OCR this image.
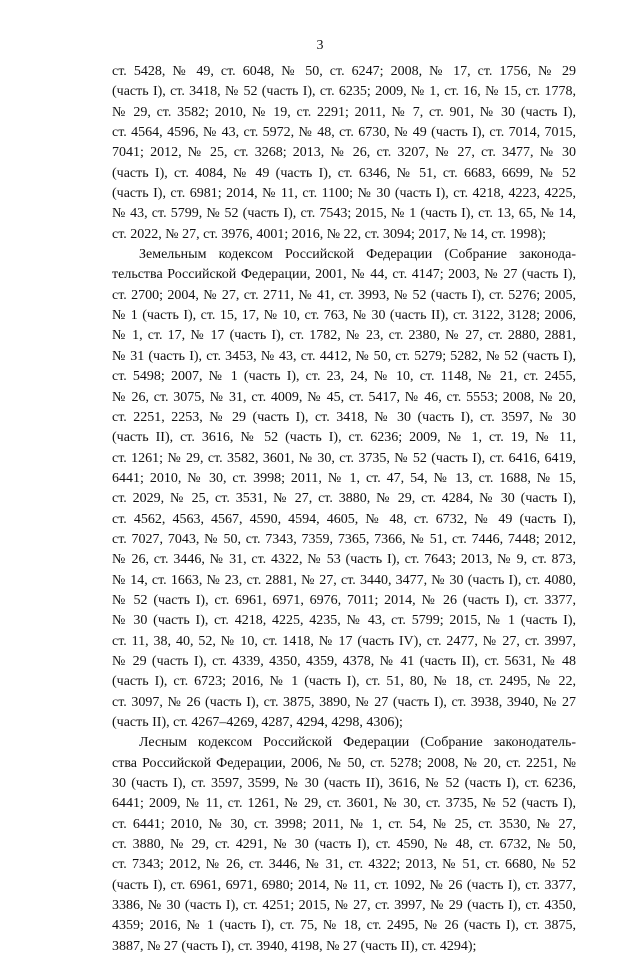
3
ст. 5428, № 49, ст. 6048, № 50, ст. 6247; 2008, № 17, ст. 1756, № 29
(часть I), ст. 3418, № 52 (часть I), ст. 6235; 2009, № 1, ст. 16, № 15, ст. 1778,
№ 29, ст. 3582; 2010, № 19, ст. 2291; 2011, № 7, ст. 901, № 30 (часть I),
ст. 4564, 4596, № 43, ст. 5972, № 48, ст. 6730, № 49 (часть I), ст. 7014, 7015,
7041; 2012, № 25, ст. 3268; 2013, № 26, ст. 3207, № 27, ст. 3477, № 30
(часть I), ст. 4084, № 49 (часть I), ст. 6346, № 51, ст. 6683, 6699, № 52
(часть I), ст. 6981; 2014, № 11, ст. 1100; № 30 (часть I), ст. 4218, 4223, 4225,
№ 43, ст. 5799, № 52 (часть I), ст. 7543; 2015, № 1 (часть I), ст. 13, 65, № 14,
ст. 2022, № 27, ст. 3976, 4001; 2016, № 22, ст. 3094; 2017, № 14, ст. 1998);
Земельным кодексом Российской Федерации (Собрание законода-
тельства Российской Федерации, 2001, № 44, ст. 4147; 2003, № 27 (часть I),
ст. 2700; 2004, № 27, ст. 2711, № 41, ст. 3993, № 52 (часть I), ст. 5276; 2005,
№ 1 (часть I), ст. 15, 17, № 10, ст. 763, № 30 (часть II), ст. 3122, 3128; 2006,
№ 1, ст. 17, № 17 (часть I), ст. 1782, № 23, ст. 2380, № 27, ст. 2880, 2881,
№ 31 (часть I), ст. 3453, № 43, ст. 4412, № 50, ст. 5279; 5282, № 52 (часть I),
ст. 5498; 2007, № 1 (часть I), ст. 23, 24, № 10, ст. 1148, № 21, ст. 2455,
№ 26, ст. 3075, № 31, ст. 4009, № 45, ст. 5417, № 46, ст. 5553; 2008, № 20,
ст. 2251, 2253, № 29 (часть I), ст. 3418, № 30 (часть I), ст. 3597, № 30
(часть II), ст. 3616, № 52 (часть I), ст. 6236; 2009, № 1, ст. 19, № 11,
ст. 1261; № 29, ст. 3582, 3601, № 30, ст. 3735, № 52 (часть I), ст. 6416, 6419,
6441; 2010, № 30, ст. 3998; 2011, № 1, ст. 47, 54, № 13, ст. 1688, № 15,
ст. 2029, № 25, ст. 3531, № 27, ст. 3880, № 29, ст. 4284, № 30 (часть I),
ст. 4562, 4563, 4567, 4590, 4594, 4605, № 48, ст. 6732, № 49 (часть I),
ст. 7027, 7043, № 50, ст. 7343, 7359, 7365, 7366, № 51, ст. 7446, 7448; 2012,
№ 26, ст. 3446, № 31, ст. 4322, № 53 (часть I), ст. 7643; 2013, № 9, ст. 873,
№ 14, ст. 1663, № 23, ст. 2881, № 27, ст. 3440, 3477, № 30 (часть I), ст. 4080,
№ 52 (часть I), ст. 6961, 6971, 6976, 7011; 2014, № 26 (часть I), ст. 3377,
№ 30 (часть I), ст. 4218, 4225, 4235, № 43, ст. 5799; 2015, № 1 (часть I),
ст. 11, 38, 40, 52, № 10, ст. 1418, № 17 (часть IV), ст. 2477, № 27, ст. 3997,
№ 29 (часть I), ст. 4339, 4350, 4359, 4378, № 41 (часть II), ст. 5631, № 48
(часть I), ст. 6723; 2016, № 1 (часть I), ст. 51, 80, № 18, ст. 2495, № 22,
ст. 3097, № 26 (часть I), ст. 3875, 3890, № 27 (часть I), ст. 3938, 3940, № 27
(часть II), ст. 4267–4269, 4287, 4294, 4298, 4306);
Лесным кодексом Российской Федерации (Собрание законодатель-
ства Российской Федерации, 2006, № 50, ст. 5278; 2008, № 20, ст. 2251, №
30 (часть I), ст. 3597, 3599, № 30 (часть II), 3616, № 52 (часть I), ст. 6236,
6441; 2009, № 11, ст. 1261, № 29, ст. 3601, № 30, ст. 3735, № 52 (часть I),
ст. 6441; 2010, № 30, ст. 3998; 2011, № 1, ст. 54, № 25, ст. 3530, № 27,
ст. 3880, № 29, ст. 4291, № 30 (часть I), ст. 4590, № 48, ст. 6732, № 50,
ст. 7343; 2012, № 26, ст. 3446, № 31, ст. 4322; 2013, № 51, ст. 6680, № 52
(часть I), ст. 6961, 6971, 6980; 2014, № 11, ст. 1092, № 26 (часть I), ст. 3377,
3386, № 30 (часть I), ст. 4251; 2015, № 27, ст. 3997, № 29 (часть I), ст. 4350,
4359; 2016, № 1 (часть I), ст. 75, № 18, ст. 2495, № 26 (часть I), ст. 3875,
3887, № 27 (часть I), ст. 3940, 4198, № 27 (часть II), ст. 4294);
